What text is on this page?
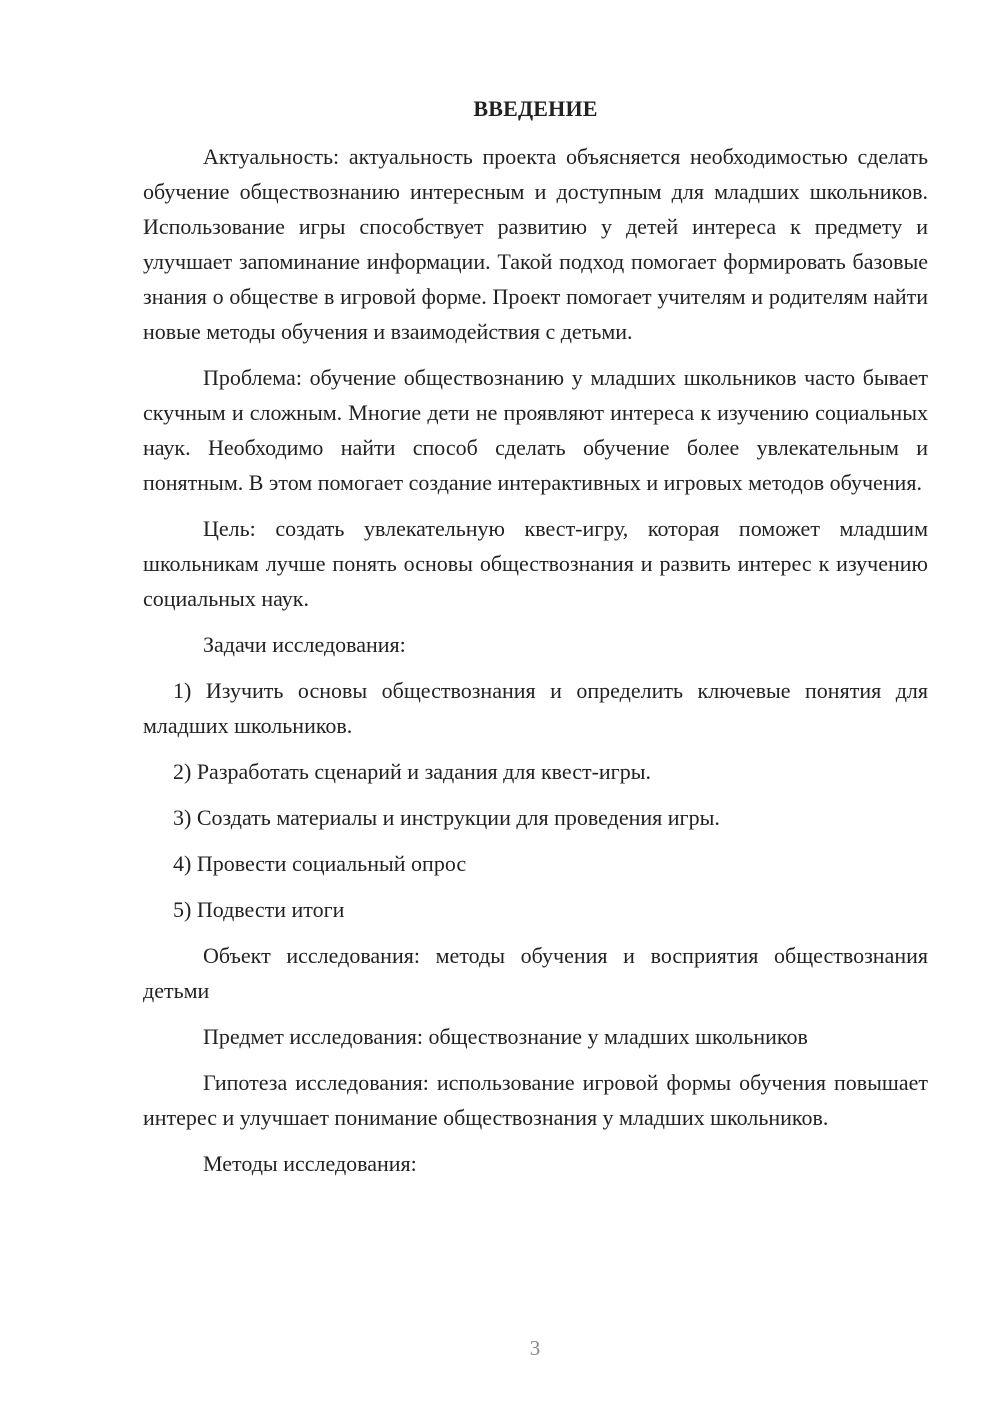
ВВЕДЕНИЕ

Актуальность: актуальность проекта объясняется необходимостью сделать обучение обществознанию интересным и доступным для младших школьников. Использование игры способствует развитию у детей интереса к предмету и улучшает запоминание информации. Такой подход помогает формировать базовые знания о обществе в игровой форме. Проект помогает учителям и родителям найти новые методы обучения и взаимодействия с детьми.

Проблема: обучение обществознанию у младших школьников часто бывает скучным и сложным. Многие дети не проявляют интереса к изучению социальных наук. Необходимо найти способ сделать обучение более увлекательным и понятным. В этом помогает создание интерактивных и игровых методов обучения.

Цель: создать увлекательную квест-игру, которая поможет младшим школьникам лучше понять основы обществознания и развить интерес к изучению социальных наук.

Задачи исследования:

1) Изучить основы обществознания и определить ключевые понятия для младших школьников.

2) Разработать сценарий и задания для квест-игры.

3) Создать материалы и инструкции для проведения игры.

4) Провести социальный опрос

5) Подвести итоги

Объект исследования: методы обучения и восприятия обществознания детьми

Предмет исследования: обществознание у младших школьников

Гипотеза исследования: использование игровой формы обучения повышает интерес и улучшает понимание обществознания у младших школьников.

Методы исследования:

3
